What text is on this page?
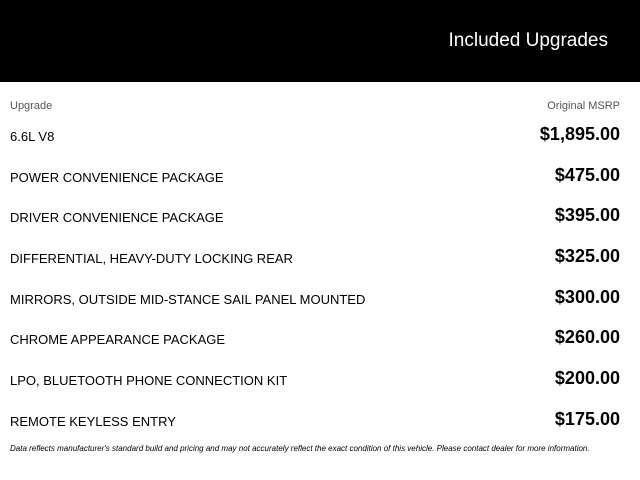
Included Upgrades
Upgrade	Original MSRP
6.6L V8	$1,895.00
POWER CONVENIENCE PACKAGE	$475.00
DRIVER CONVENIENCE PACKAGE	$395.00
DIFFERENTIAL, HEAVY-DUTY LOCKING REAR	$325.00
MIRRORS, OUTSIDE MID-STANCE SAIL PANEL MOUNTED	$300.00
CHROME APPEARANCE PACKAGE	$260.00
LPO, BLUETOOTH PHONE CONNECTION KIT	$200.00
REMOTE KEYLESS ENTRY	$175.00
Data reflects manufacturer's standard build and pricing and may not accurately reflect the exact condition of this vehicle. Please contact dealer for more information.
